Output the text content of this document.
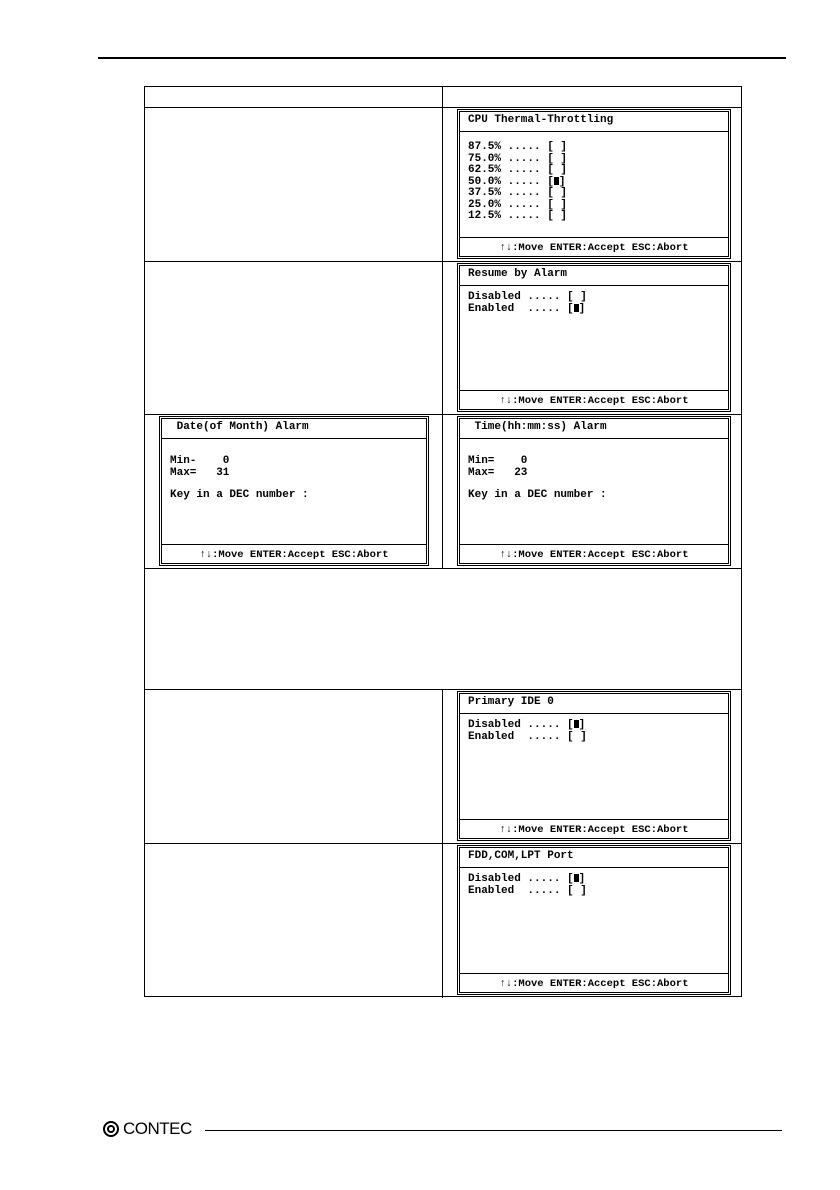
CPU Thermal-Throttling
87.5% ..... [ ]
75.0% ..... [ ]
62.5% ..... [ ]
50.0% ..... [ ]
37.5% ..... [ ]
25.0% ..... [ ]
12.5% ..... [ ]
↑↓:Move ENTER:Accept ESC:Abort
Resume by Alarm
Disabled ..... [ ]
Enabled  ..... [ ]
↑↓:Move ENTER:Accept ESC:Abort
Date(of Month) Alarm
Min-    0
Max=   31
Key in a DEC number :
↑↓:Move ENTER:Accept ESC:Abort
Time(hh:mm:ss) Alarm
Min=    0
Max=   23
Key in a DEC number :
↑↓:Move ENTER:Accept ESC:Abort
Primary IDE 0
Disabled ..... [ ]
Enabled  ..... [ ]
↑↓:Move ENTER:Accept ESC:Abort
FDD,COM,LPT Port
Disabled ..... [ ]
Enabled  ..... [ ]
↑↓:Move ENTER:Accept ESC:Abort
CONTEC
